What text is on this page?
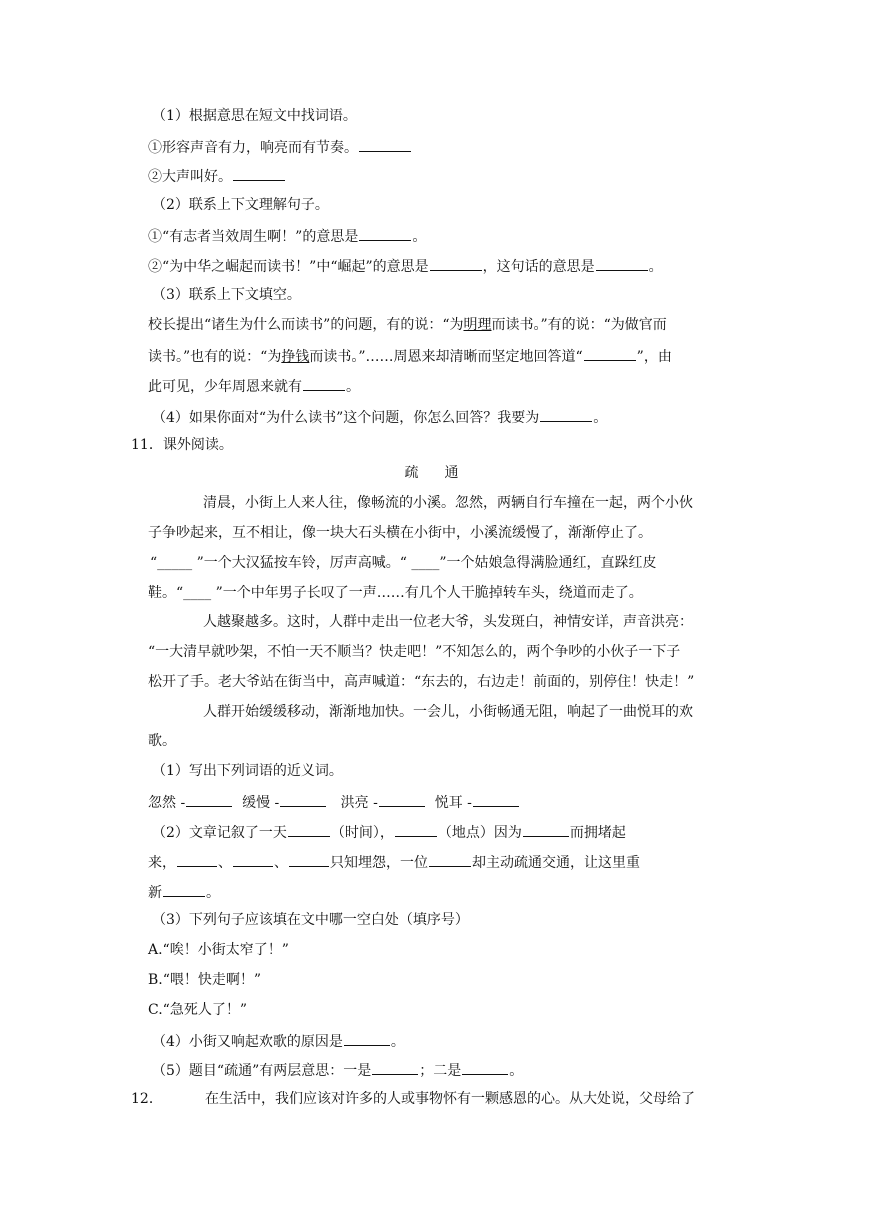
（1）根据意思在短文中找词语。
①形容声音有力，响亮而有节奏。
②大声叫好。
（2）联系上下文理解句子。
①“有志者当效周生啊！”的意思是	。
②“为中华之崛起而读书！”中“崛起”的意思是	，这句话的意思是	。
（3）联系上下文填空。
校长提出“诸生为什么而读书”的问题，有的说：“为明理而读书。”有的说：“为做官而
读书。”也有的说：“为挣钱而读书。”……周恩来却清晰而坚定地回答道“	”，由
此可见，少年周恩来就有	。
（4）如果你面对“为什么读书”这个问题，你怎么回答？我要为	。
11．课外阅读。
疏　通
清晨，小街上人来人往，像畅流的小溪。忽然，两辆自行车撞在一起，两个小伙
子争吵起来，互不相让，像一块大石头横在小街中，小溪流缓慢了，渐渐停止了。
“_____ ”一个大汉猛按车铃，厉声高喊。“ ____”一个姑娘急得满脸通红，直跺红皮
鞋。“____ ”一个中年男子长叹了一声……有几个人干脆掉转车头，绕道而走了。
人越聚越多。这时，人群中走出一位老大爷，头发斑白，神情安详，声音洪亮：
“一大清早就吵架，不怕一天不顺当？快走吧！”不知怎么的，两个争吵的小伙子一下子
松开了手。老大爷站在街当中，高声喊道：“东去的，右边走！前面的，别停住！快走！”
人群开始缓缓移动，渐渐地加快。一会儿，小街畅通无阻，响起了一曲悦耳的欢
歌。
（1）写出下列词语的近义词。
忽然 -	缓慢 -	洪亮 -	悦耳 -
（2）文章记叙了一天	（时间），	（地点）因为	而拥堵起
来，	、	、	只知埋怨，一位	却主动疏通交通，让这里重
新	。
（3）下列句子应该填在文中哪一空白处（填序号）
A.“唉！小街太窄了！”
B.“喂！快走啊！”
C.“急死人了！”
（4）小街又响起欢歌的原因是	。
（5）题目“疏通”有两层意思：一是	；二是	。
12．	在生活中，我们应该对许多的人或事物怀有一颗感恩的心。从大处说，父母给了
